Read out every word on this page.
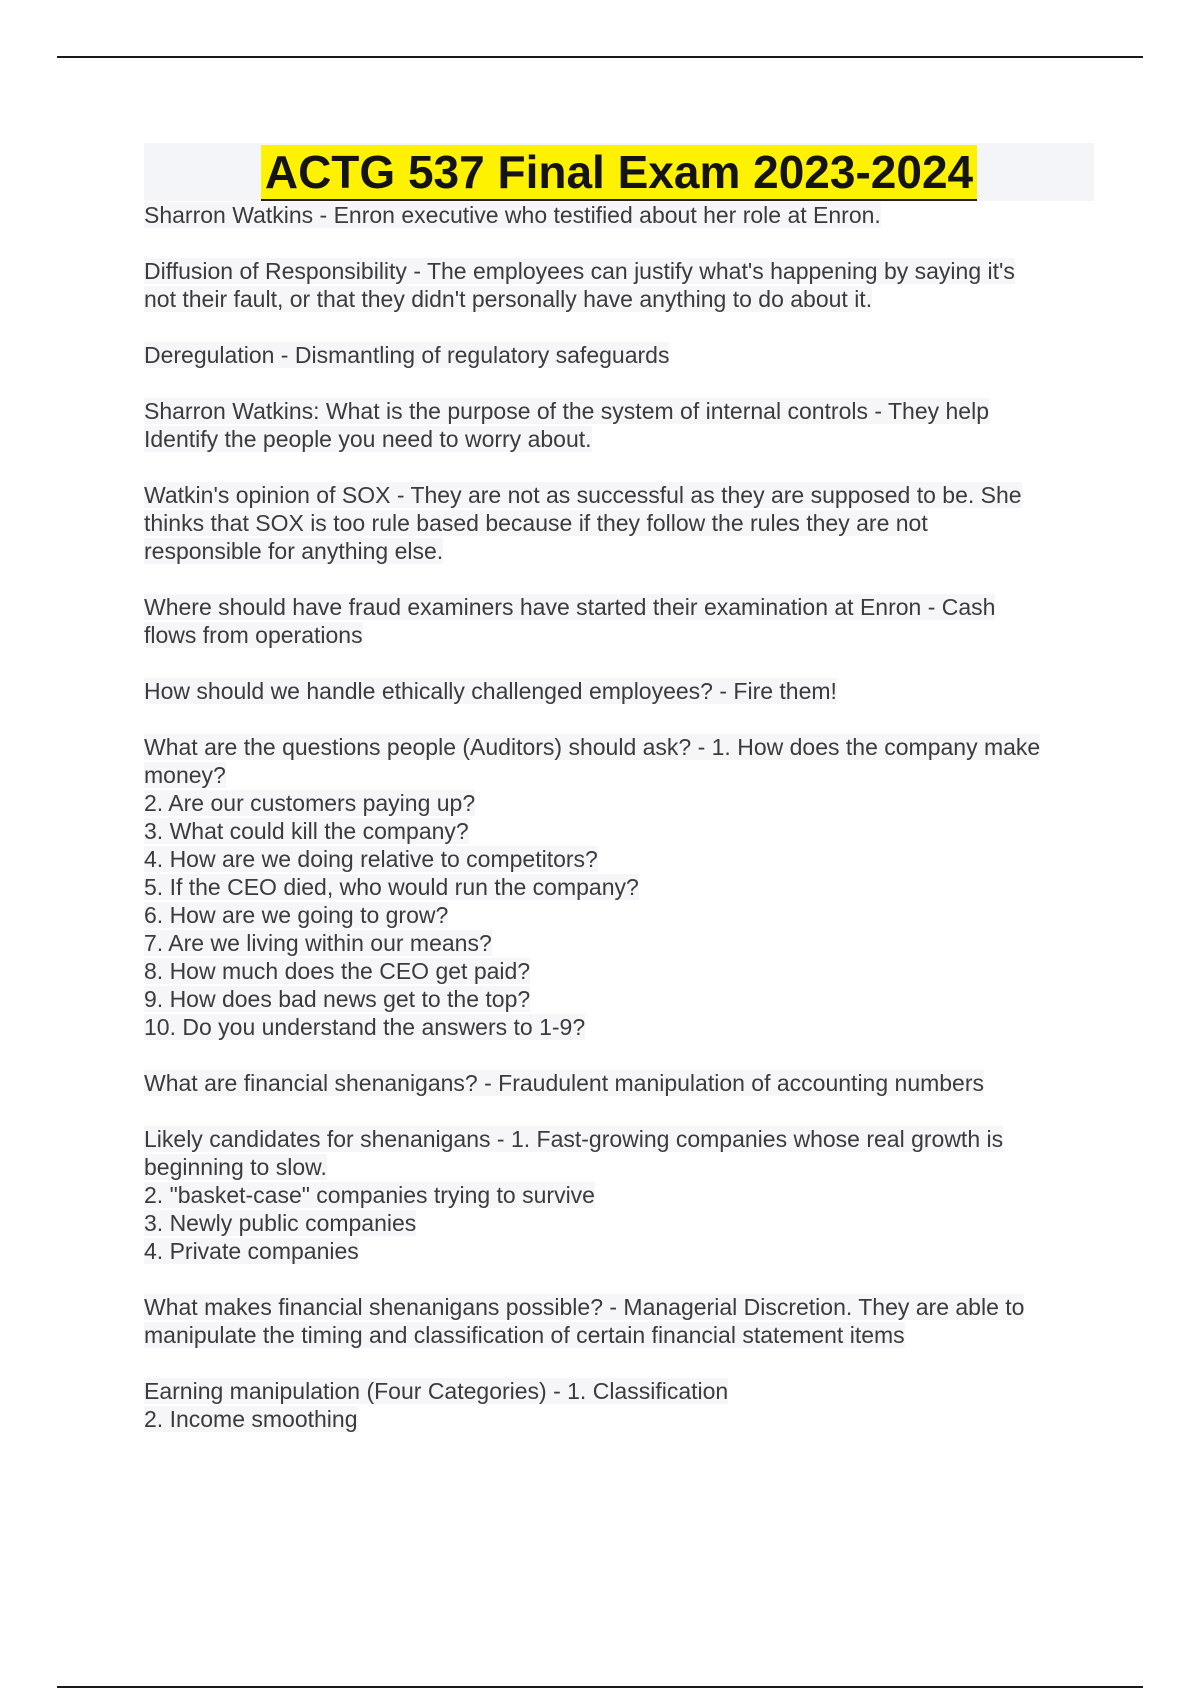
ACTG 537 Final Exam 2023-2024
Sharron Watkins - Enron executive who testified about her role at Enron.
Diffusion of Responsibility - The employees can justify what's happening by saying it's
not their fault, or that they didn't personally have anything to do about it.
Deregulation - Dismantling of regulatory safeguards
Sharron Watkins: What is the purpose of the system of internal controls - They help
Identify the people you need to worry about.
Watkin's opinion of SOX - They are not as successful as they are supposed to be. She
thinks that SOX is too rule based because if they follow the rules they are not
responsible for anything else.
Where should have fraud examiners have started their examination at Enron - Cash
flows from operations
How should we handle ethically challenged employees? - Fire them!
What are the questions people (Auditors) should ask? - 1. How does the company make
money?
2. Are our customers paying up?
3. What could kill the company?
4. How are we doing relative to competitors?
5. If the CEO died, who would run the company?
6. How are we going to grow?
7. Are we living within our means?
8. How much does the CEO get paid?
9. How does bad news get to the top?
10. Do you understand the answers to 1-9?
What are financial shenanigans? - Fraudulent manipulation of accounting numbers
Likely candidates for shenanigans - 1. Fast-growing companies whose real growth is
beginning to slow.
2. "basket-case" companies trying to survive
3. Newly public companies
4. Private companies
What makes financial shenanigans possible? - Managerial Discretion. They are able to
manipulate the timing and classification of certain financial statement items
Earning manipulation (Four Categories) - 1. Classification
2. Income smoothing
